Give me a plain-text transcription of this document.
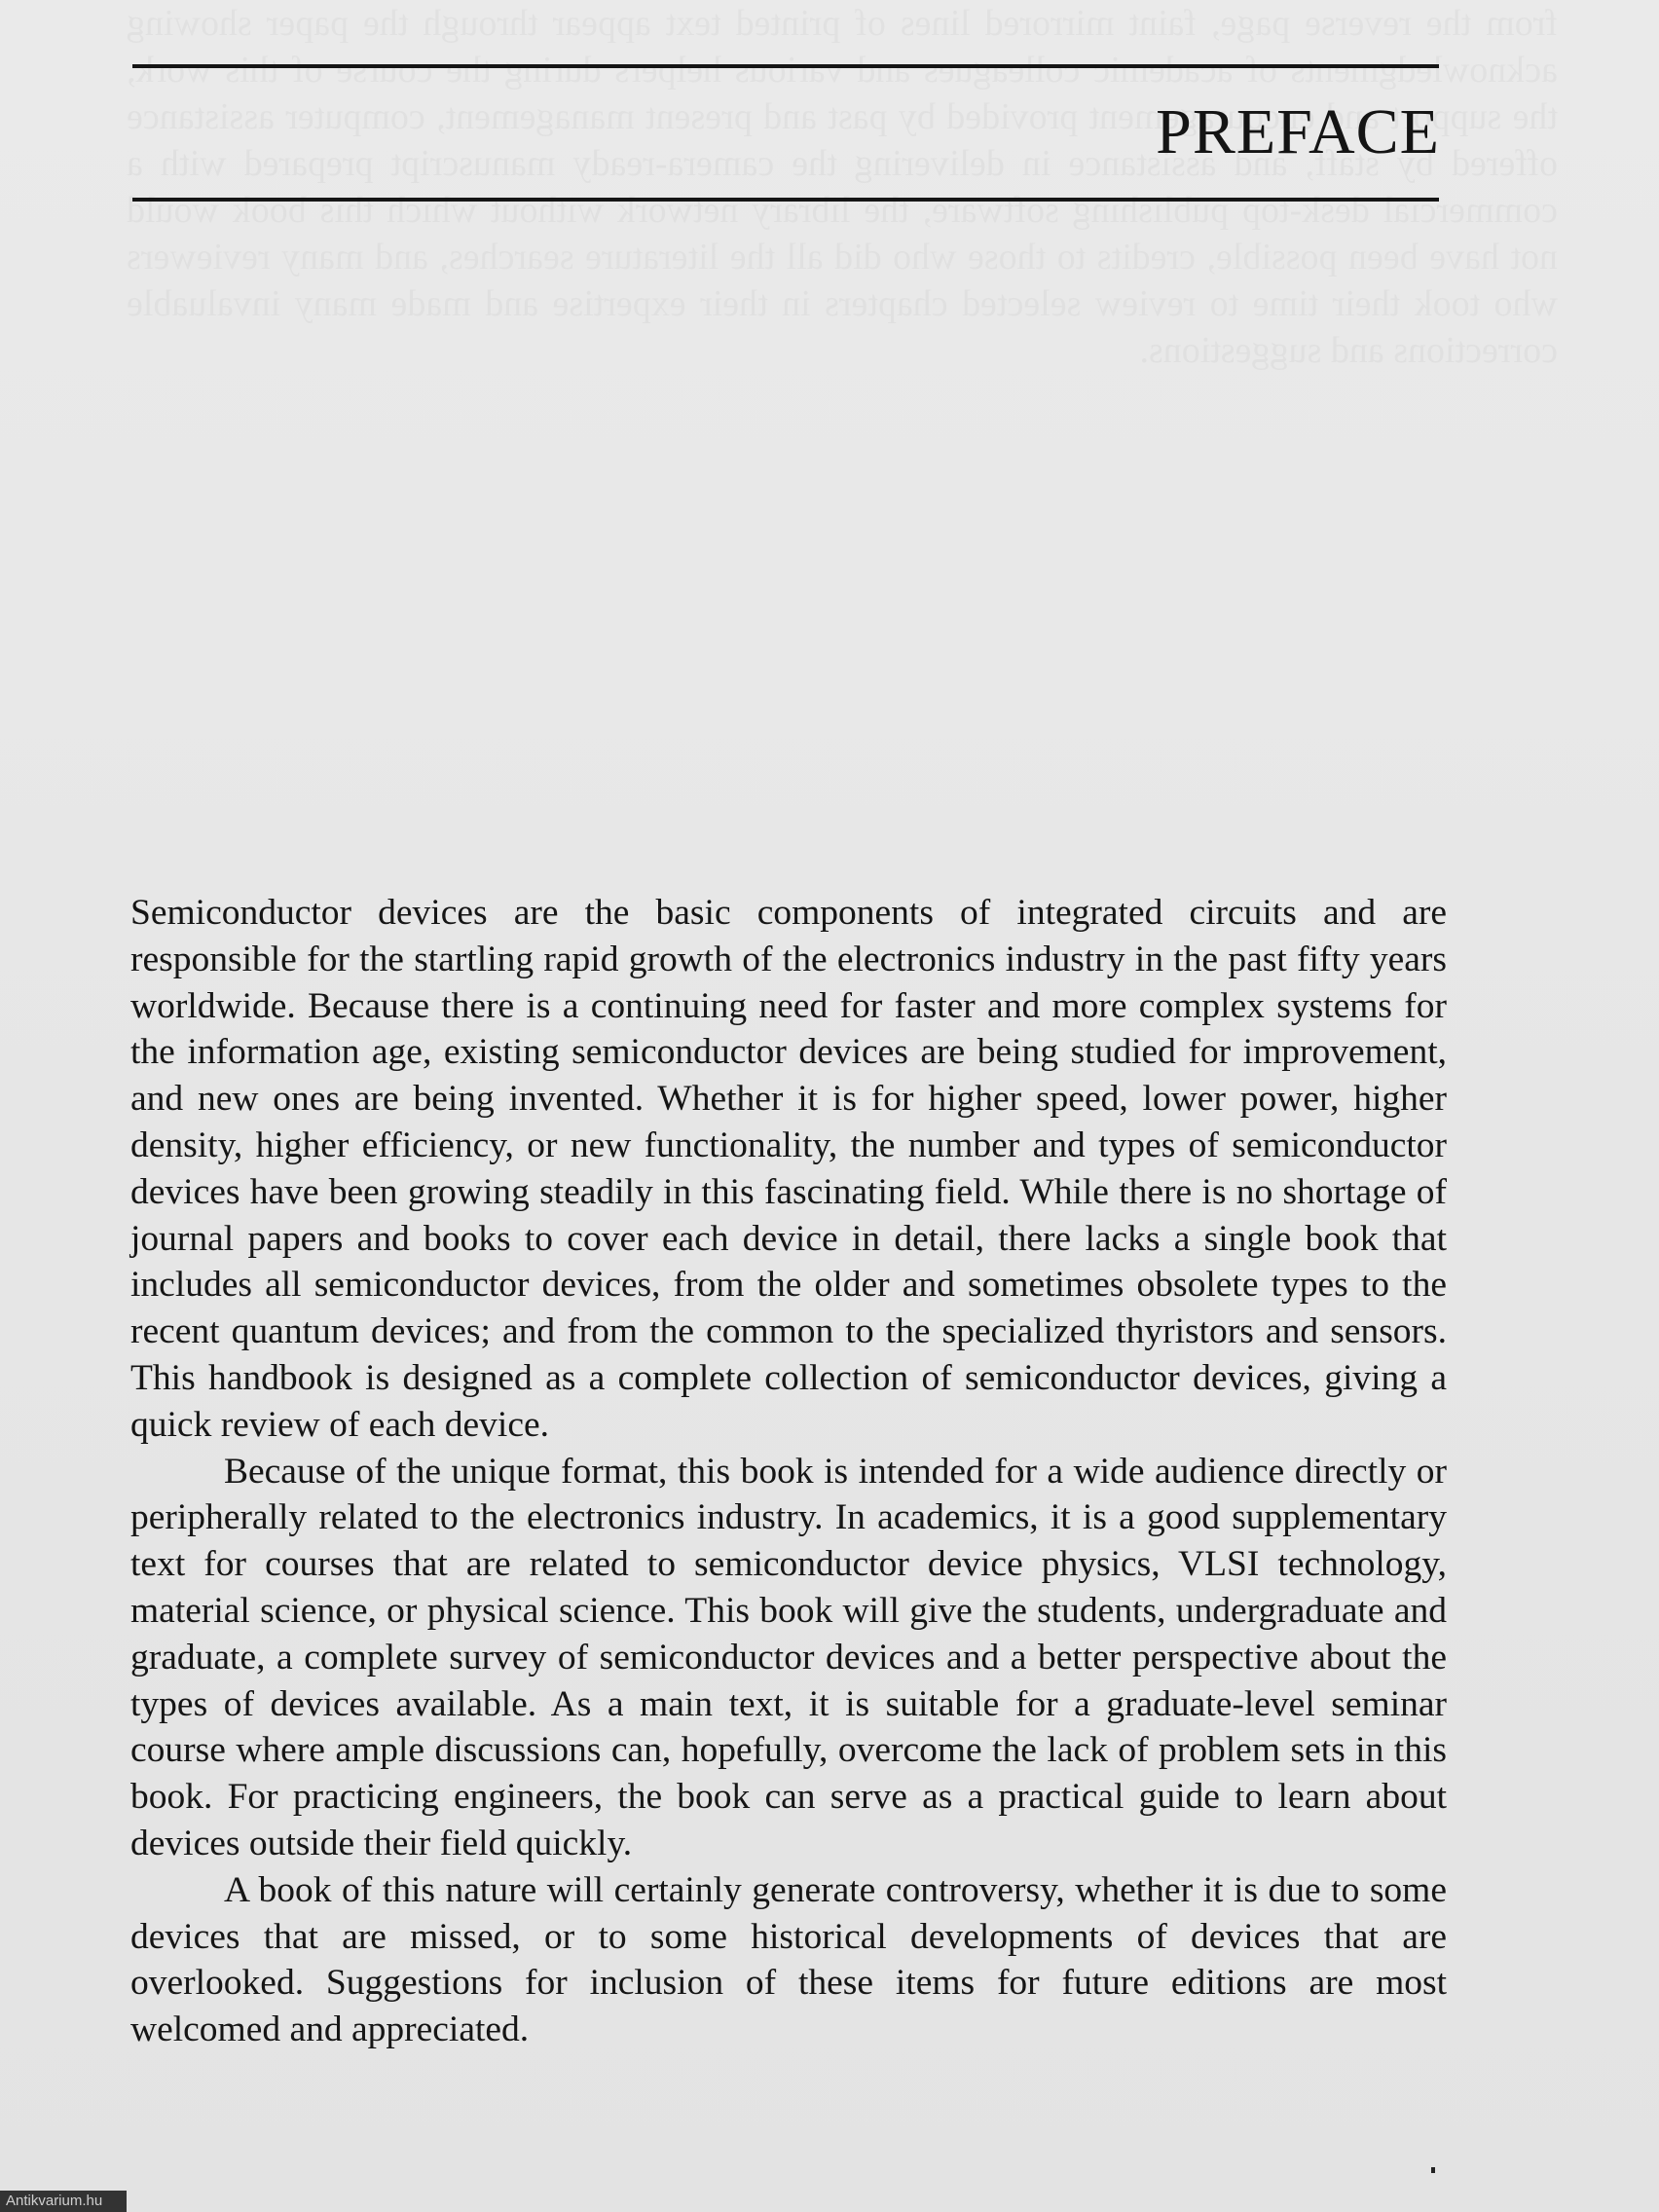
PREFACE

Semiconductor devices are the basic components of integrated circuits and are responsible for the startling rapid growth of the electronics industry in the past fifty years worldwide. Because there is a continuing need for faster and more complex systems for the information age, existing semiconductor devices are being studied for improvement, and new ones are being invented. Whether it is for higher speed, lower power, higher density, higher efficiency, or new functionality, the number and types of semiconductor devices have been growing steadily in this fascinating field. While there is no shortage of journal papers and books to cover each device in detail, there lacks a single book that includes all semiconductor devices, from the older and sometimes obsolete types to the recent quantum devices; and from the common to the specialized thyristors and sensors. This handbook is designed as a complete collection of semiconductor devices, giving a quick review of each device.

Because of the unique format, this book is intended for a wide audience directly or peripherally related to the electronics industry. In academics, it is a good supplementary text for courses that are related to semiconductor device physics, VLSI technology, material science, or physical science. This book will give the students, undergraduate and graduate, a complete survey of semiconductor devices and a better perspective about the types of devices available. As a main text, it is suitable for a graduate-level seminar course where ample discussions can, hopefully, overcome the lack of problem sets in this book. For practicing engineers, the book can serve as a practical guide to learn about devices outside their field quickly.

A book of this nature will certainly generate controversy, whether it is due to some devices that are missed, or to some historical developments of devices that are overlooked. Suggestions for inclusion of these items for future editions are most welcomed and appreciated.

Antikvarium.hu
